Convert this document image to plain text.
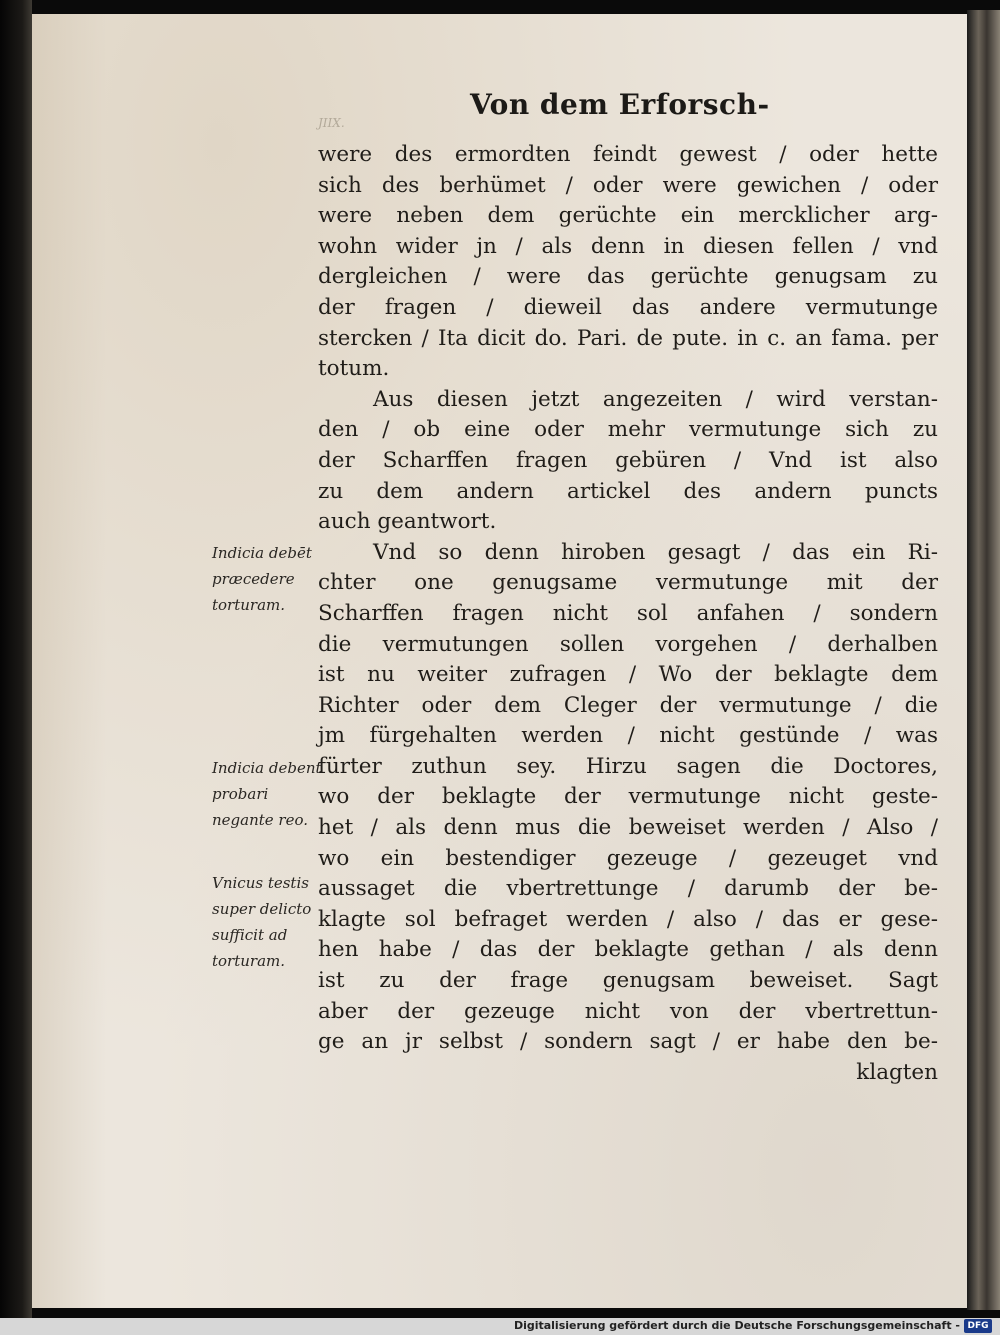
Von dem Erforsch-
JIIX.
were des ermordten feindt gewest / oder hette
sich des berhümet / oder were gewichen / oder
were neben dem gerüchte ein mercklicher arg-
wohn wider jn / als denn in diesen fellen / vnd
dergleichen / were das gerüchte genugsam zu
der fragen / dieweil das andere vermutunge
stercken / Ita dicit do. Pari. de pute. in c. an fama. per
totum.
Aus diesen jetzt angezeiten / wird verstan-
den / ob eine oder mehr vermutunge sich zu
der Scharffen fragen gebüren / Vnd ist also
zu dem andern artickel des andern puncts
auch geantwort.
Vnd so denn hiroben gesagt / das ein Ri-
chter one genugsame vermutunge mit der
Scharffen fragen nicht sol anfahen / sondern
die vermutungen sollen vorgehen / derhalben
ist nu weiter zufragen / Wo der beklagte dem
Richter oder dem Cleger der vermutunge / die
jm fürgehalten werden / nicht gestünde / was
fürter zuthun sey. Hirzu sagen die Doctores,
wo der beklagte der vermutunge nicht geste-
het / als denn mus die beweiset werden / Also /
wo ein bestendiger gezeuge / gezeuget vnd
aussaget die vbertrettunge / darumb der be-
klagte sol befraget werden / also / das er gese-
hen habe / das der beklagte gethan / als denn
ist zu der frage genugsam beweiset. Sagt
aber der gezeuge nicht von der vbertrettun-
ge an jr selbst / sondern sagt / er habe den be-
klagten
Indicia debēt præcedere torturam.
Indicia debent probari negante reo.
Vnicus testis super delicto sufficit ad torturam.
Digitalisierung gefördert durch die Deutsche Forschungsgemeinschaft - DFG
